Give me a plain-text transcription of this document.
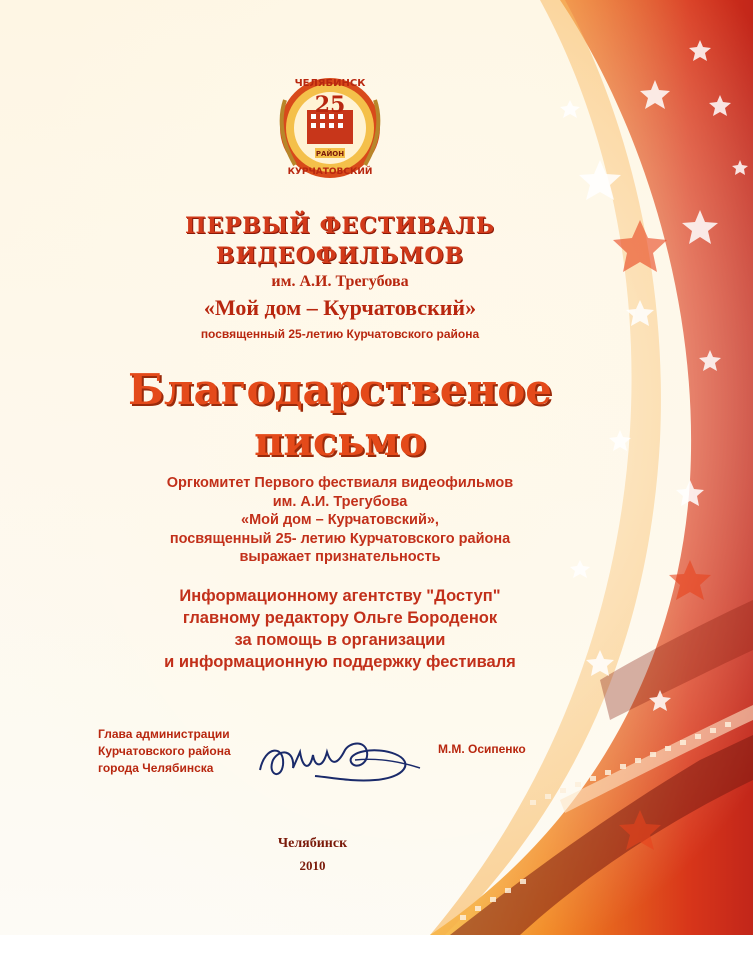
ЧЕЛЯБИНСК
25
РАЙОН
КУРЧАТОВСКИЙ

ПЕРВЫЙ ФЕСТИВАЛЬ

ВИДЕОФИЛЬМОВ

им. А.И. Трегубова

«Мой дом – Курчатовский»

посвященный 25-летию Курчатовского района

Благодарственое

письмо

Оргкомитет Первого фествиаля видеофильмов
им. А.И. Трегубова
«Мой дом – Курчатовский»,
посвященный 25- летию Курчатовского района
выражает признательность
Информационному агентству "Доступ"
главному редактору Ольге Бороденок
за помощь в организации
и информационную поддержку фестиваля
Глава администрации
Курчатовского района
города Челябинска

М.М. Осипенко

Челябинск

2010
